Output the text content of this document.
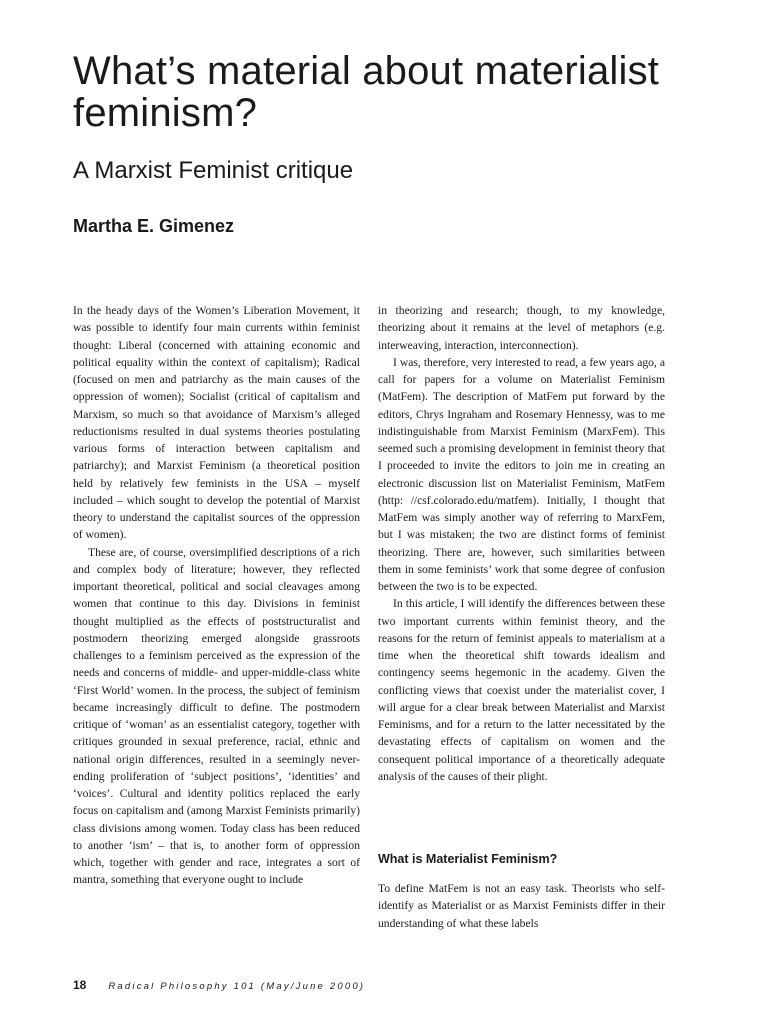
What’s material about materialist feminism?
A Marxist Feminist critique
Martha E. Gimenez

In the heady days of the Women’s Liberation Movement, it was possible to identify four main currents within feminist thought: Liberal (concerned with attaining economic and political equality within the context of capitalism); Radical (focused on men and patriarchy as the main causes of the oppression of women); Socialist (critical of capitalism and Marxism, so much so that avoidance of Marxism’s alleged reductionisms resulted in dual systems theories postulating various forms of interaction between capitalism and patriarchy); and Marxist Feminism (a theoretical position held by relatively few feminists in the USA – myself included – which sought to develop the potential of Marxist theory to understand the capitalist sources of the oppression of women).

These are, of course, oversimplified descriptions of a rich and complex body of literature; however, they reflected important theoretical, political and social cleavages among women that continue to this day. Divisions in feminist thought multiplied as the effects of poststructuralist and postmodern theorizing emerged alongside grassroots challenges to a feminism perceived as the expression of the needs and concerns of middle- and upper-middle-class white ‘First World’ women. In the process, the subject of feminism became increasingly difficult to define. The postmodern critique of ‘woman’ as an essentialist category, together with critiques grounded in sexual preference, racial, ethnic and national origin differences, resulted in a seemingly never-ending proliferation of ‘subject positions’, ‘identities’ and ‘voices’. Cultural and identity politics replaced the early focus on capitalism and (among Marxist Feminists primarily) class divisions among women. Today class has been reduced to another ‘ism’ – that is, to another form of oppression which, together with gender and race, integrates a sort of mantra, something that everyone ought to include

in theorizing and research; though, to my knowledge, theorizing about it remains at the level of metaphors (e.g. interweaving, interaction, interconnection).

I was, therefore, very interested to read, a few years ago, a call for papers for a volume on Materialist Feminism (MatFem). The description of MatFem put forward by the editors, Chrys Ingraham and Rosemary Hennessy, was to me indistinguishable from Marxist Feminism (MarxFem). This seemed such a promising development in feminist theory that I proceeded to invite the editors to join me in creating an electronic discussion list on Materialist Feminism, MatFem (http: //csf.colorado.edu/matfem). Initially, I thought that MatFem was simply another way of referring to MarxFem, but I was mistaken; the two are distinct forms of feminist theorizing. There are, however, such similarities between them in some feminists’ work that some degree of confusion between the two is to be expected.

In this article, I will identify the differences between these two important currents within feminist theory, and the reasons for the return of feminist appeals to materialism at a time when the theoretical shift towards idealism and contingency seems hegemonic in the academy. Given the conflicting views that coexist under the materialist cover, I will argue for a clear break between Materialist and Marxist Feminisms, and for a return to the latter necessitated by the devastating effects of capitalism on women and the consequent political importance of a theoretically adequate analysis of the causes of their plight.

What is Materialist Feminism?

To define MatFem is not an easy task. Theorists who self-identify as Materialist or as Marxist Feminists differ in their understanding of what these labels

18 Radical Philosophy 101 (May/June 2000)
